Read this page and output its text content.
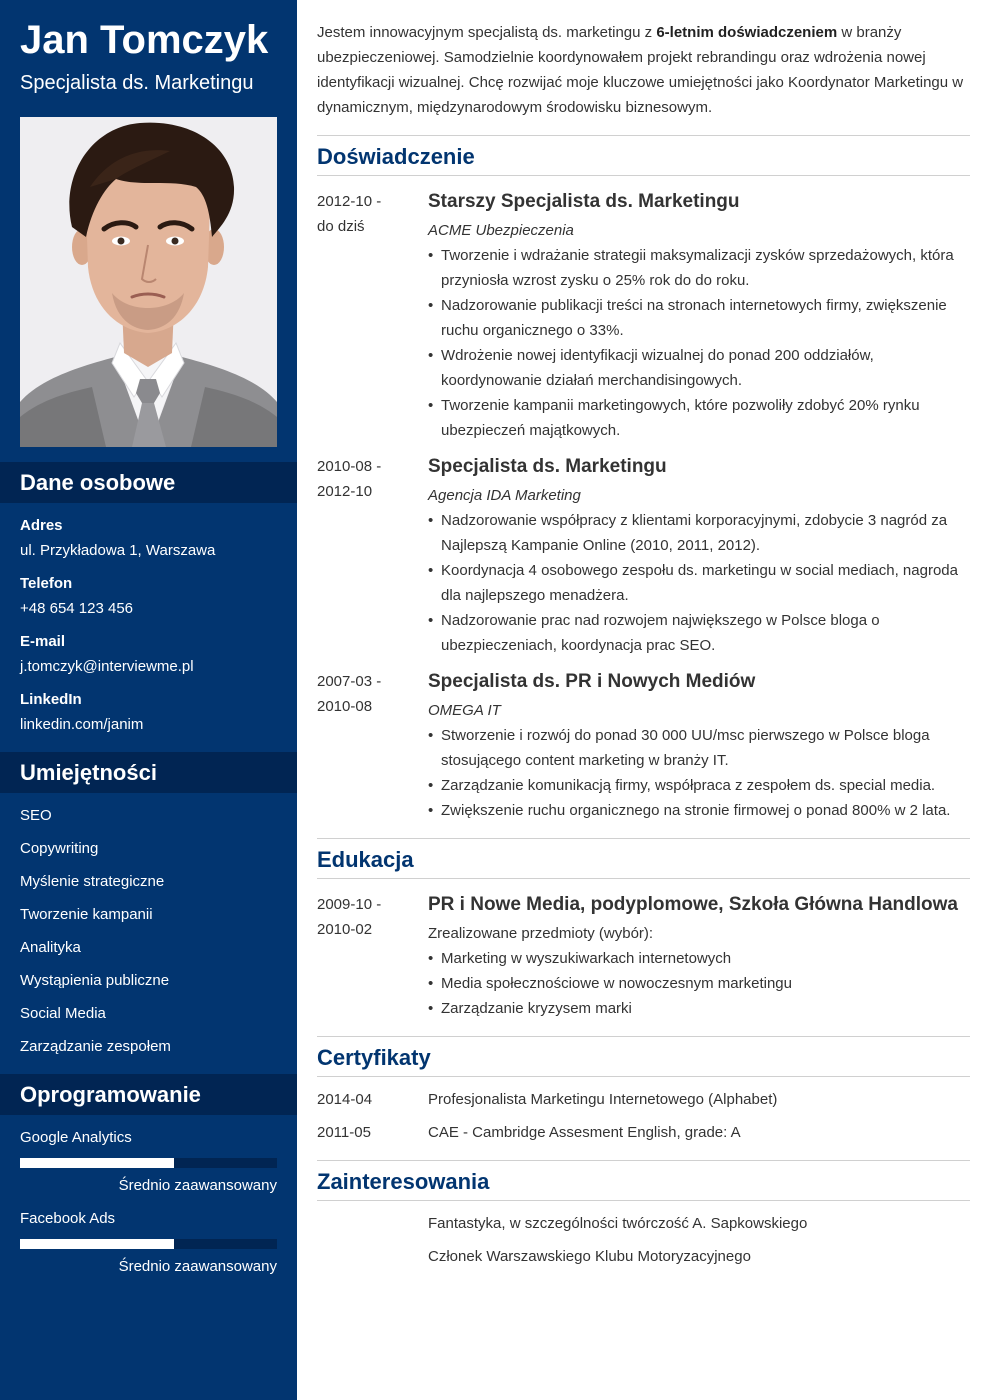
Jan Tomczyk
Specjalista ds. Marketingu
Dane osobowe
Adres
ul. Przykładowa 1, Warszawa
Telefon
+48 654 123 456
E-mail
j.tomczyk@interviewme.pl
LinkedIn
linkedin.com/janim
Umiejętności
SEO
Copywriting
Myślenie strategiczne
Tworzenie kampanii
Analityka
Wystąpienia publiczne
Social Media
Zarządzanie zespołem
Oprogramowanie
Google Analytics
Średnio zaawansowany
Facebook Ads
Średnio zaawansowany

Jestem innowacyjnym specjalistą ds. marketingu z 6-letnim doświadczeniem w branży ubezpieczeniowej. Samodzielnie koordynowałem projekt rebrandingu oraz wdrożenia nowej identyfikacji wizualnej. Chcę rozwijać moje kluczowe umiejętności jako Koordynator Marketingu w dynamicznym, międzynarodowym środowisku biznesowym.

Doświadczenie
2012-10 -
do dziś
Starszy Specjalista ds. Marketingu
ACME Ubezpieczenia
• Tworzenie i wdrażanie strategii maksymalizacji zysków sprzedażowych, która przyniosła wzrost zysku o 25% rok do do roku.
• Nadzorowanie publikacji treści na stronach internetowych firmy, zwiększenie ruchu organicznego o 33%.
• Wdrożenie nowej identyfikacji wizualnej do ponad 200 oddziałów, koordynowanie działań merchandisingowych.
• Tworzenie kampanii marketingowych, które pozwoliły zdobyć 20% rynku ubezpieczeń majątkowych.
2010-08 -
2012-10
Specjalista ds. Marketingu
Agencja IDA Marketing
• Nadzorowanie współpracy z klientami korporacyjnymi, zdobycie 3 nagród za Najlepszą Kampanie Online (2010, 2011, 2012).
• Koordynacja 4 osobowego zespołu ds. marketingu w social mediach, nagroda dla najlepszego menadżera.
• Nadzorowanie prac nad rozwojem największego w Polsce bloga o ubezpieczeniach, koordynacja prac SEO.
2007-03 -
2010-08
Specjalista ds. PR i Nowych Mediów
OMEGA IT
• Stworzenie i rozwój do ponad 30 000 UU/msc pierwszego w Polsce bloga stosującego content marketing w branży IT.
• Zarządzanie komunikacją firmy, współpraca z zespołem ds. special media.
• Zwiększenie ruchu organicznego na stronie firmowej o ponad 800% w 2 lata.
Edukacja
2009-10 -
2010-02
PR i Nowe Media, podyplomowe, Szkoła Główna Handlowa
Zrealizowane przedmioty (wybór):
• Marketing w wyszukiwarkach internetowych
• Media społecznościowe w nowoczesnym marketingu
• Zarządzanie kryzysem marki
Certyfikaty
2014-04	Profesjonalista Marketingu Internetowego (Alphabet)
2011-05	CAE - Cambridge Assesment English, grade: A
Zainteresowania
Fantastyka, w szczególności twórczość A. Sapkowskiego
Członek Warszawskiego Klubu Motoryzacyjnego
